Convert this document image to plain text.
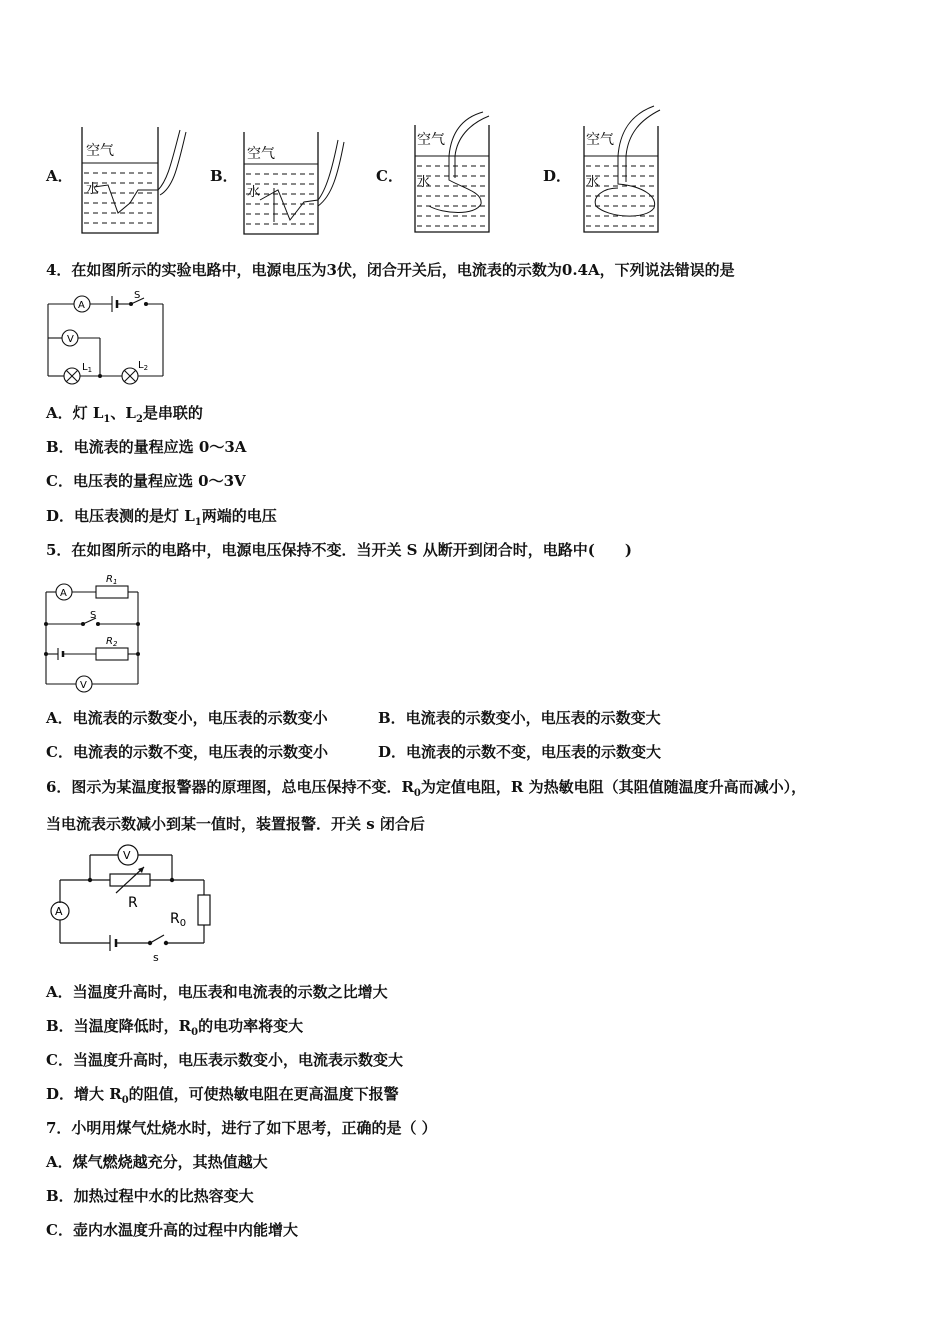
A．	B．	C．	D．
空气
水
空气
水
空气
水
空气
水
4．在如图所示的实验电路中，电源电压为3伏，闭合开关后，电流表的示数为0.4A，下列说法错误的是
A
V
S
$L_1$	$L_2$
A．灯 $L_1$、$L_2$是串联的
B．电流表的量程应选 0～3A
C．电压表的量程应选 0～3V
D．电压表测的是灯 $L_1$两端的电压
5．在如图所示的电路中，电源电压保持不变．当开关 S 从断开到闭合时，电路中(　　)
A
V
S
$R_1$
$R_2$
A．电流表的示数变小，电压表的示数变小	B．电流表的示数变小，电压表的示数变大
C．电流表的示数不变，电压表的示数变小	D．电流表的示数不变，电压表的示数变大
6．图示为某温度报警器的原理图，总电压保持不变．$R_0$为定值电阻，R 为热敏电阻（其阻值随温度升高而减小），
当电流表示数减小到某一值时，装置报警．开关 s 闭合后
A
V
R
$R_0$
s
A．当温度升高时，电压表和电流表的示数之比增大
B．当温度降低时，$R_0$的电功率将变大
C．当温度升高时，电压表示数变小，电流表示数变大
D．增大 $R_0$的阻值，可使热敏电阻在更高温度下报警
7．小明用煤气灶烧水时，进行了如下思考，正确的是（ ）
A．煤气燃烧越充分，其热值越大
B．加热过程中水的比热容变大
C．壶内水温度升高的过程中内能增大
